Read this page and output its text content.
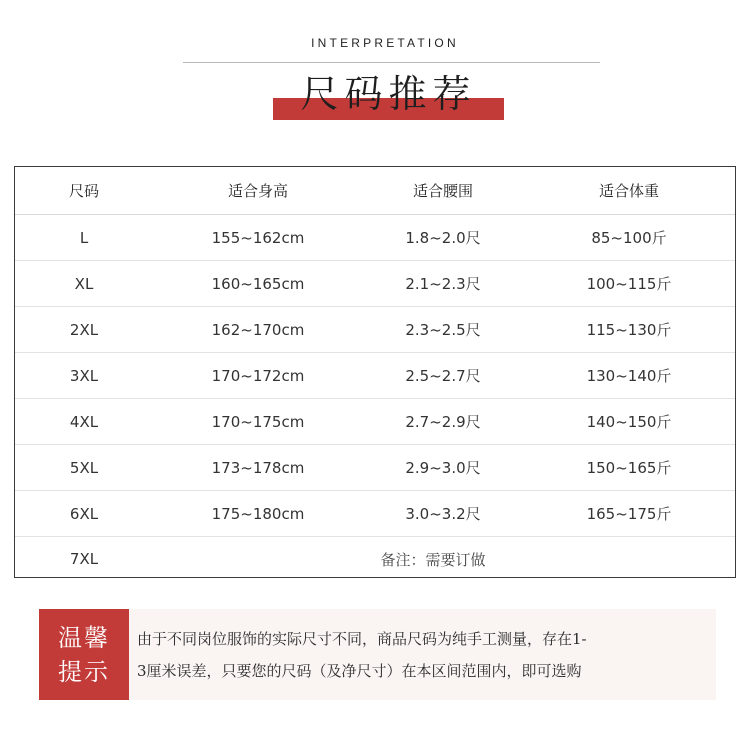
INTERPRETATION
尺码推荐
尺码	适合身高	适合腰围	适合体重
L	155~162cm	1.8~2.0尺	85~100斤
XL	160~165cm	2.1~2.3尺	100~115斤
2XL	162~170cm	2.3~2.5尺	115~130斤
3XL	170~172cm	2.5~2.7尺	130~140斤
4XL	170~175cm	2.7~2.9尺	140~150斤
5XL	173~178cm	2.9~3.0尺	150~165斤
6XL	175~180cm	3.0~3.2尺	165~175斤
7XL	备注：需要订做
温馨
提示
由于不同岗位服饰的实际尺寸不同，商品尺码为纯手工测量，存在1-
3厘米误差，只要您的尺码（及净尺寸）在本区间范围内，即可选购
